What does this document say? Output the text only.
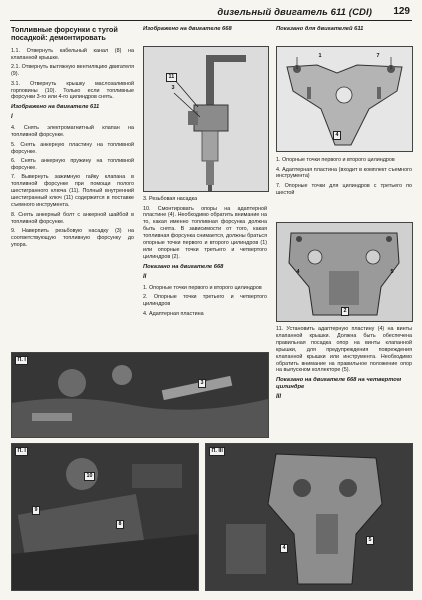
дизельный двигатель 611 (CDI) 129
Топливные форсунки с тугой посадкой: демонтировать

1.1. Отвернуть кабельный канал (8) на клапанной крышке.

2.1. Отвернуть вытяжную вентиляцию двигателя (9).

3.1. Отвернуть крышку маслозаливной горловины (10). Только если топливные форсунки 3-го или 4-го цилиндров снять.

Изображено на двигателе 611
I

4. Снять электромагнитный клапан на топливной форсунке.

5. Снять анкерную пластину на топливной форсунке.

6. Снять анкерную пружину на топливной форсунке.

7. Вывернуть зажимную гайку клапана в топливной форсунке при помощи полого шестигранного ключа (11). Полный внутренний шестигранный ключ (11) содержится в поставке съемного инструмента.

8. Снять анкерный болт с анкерной шайбой в топливной форсунке.

9. Наверпить резьбовую насадку (3) на соответствующую топливную форсунку до упора.

Изображено на двигателе 668

3. Резьбовая насадка

10. Смонтировать опоры на адаптерной пластине (4). Необходимо обратить внимание на то, какая именно топливная форсунка должна быть снята. В зависимости от того, какая топливная форсунка снимается, должны браться опорные точки первого и второго цилиндров (1) или опорные точки третьего и четвертого цилиндров (2).

Показано на двигателе 668
II

1. Опорные точки первого и второго цилиндров

2. Опорные точки третьего и четвертого цилиндров

4. Адаптерная пластина

Показано для двигателей 611

1. Опорные точки первого и второго цилиндров

4. Адаптерная пластина (входит в комплект съемного инструмента)

7. Опорные точки для цилиндров с третьего по шестой

11. Установить адаптерную пластину (4) на винты клапанной крышки. Должна быть обеспечена правильная посадка опор на винты клапанной крышки, для предупреждения повреждения клапанной крышки или инструмента. Необходимо обратить внимание на правильное положение опор на выпускном коллекторе (5).

Показано на двигателе 668 на четвертом цилиндре
III
11
3
1	7
4
4	5
2
П. I
3
П. I
10
9
8
П. III
4
5
